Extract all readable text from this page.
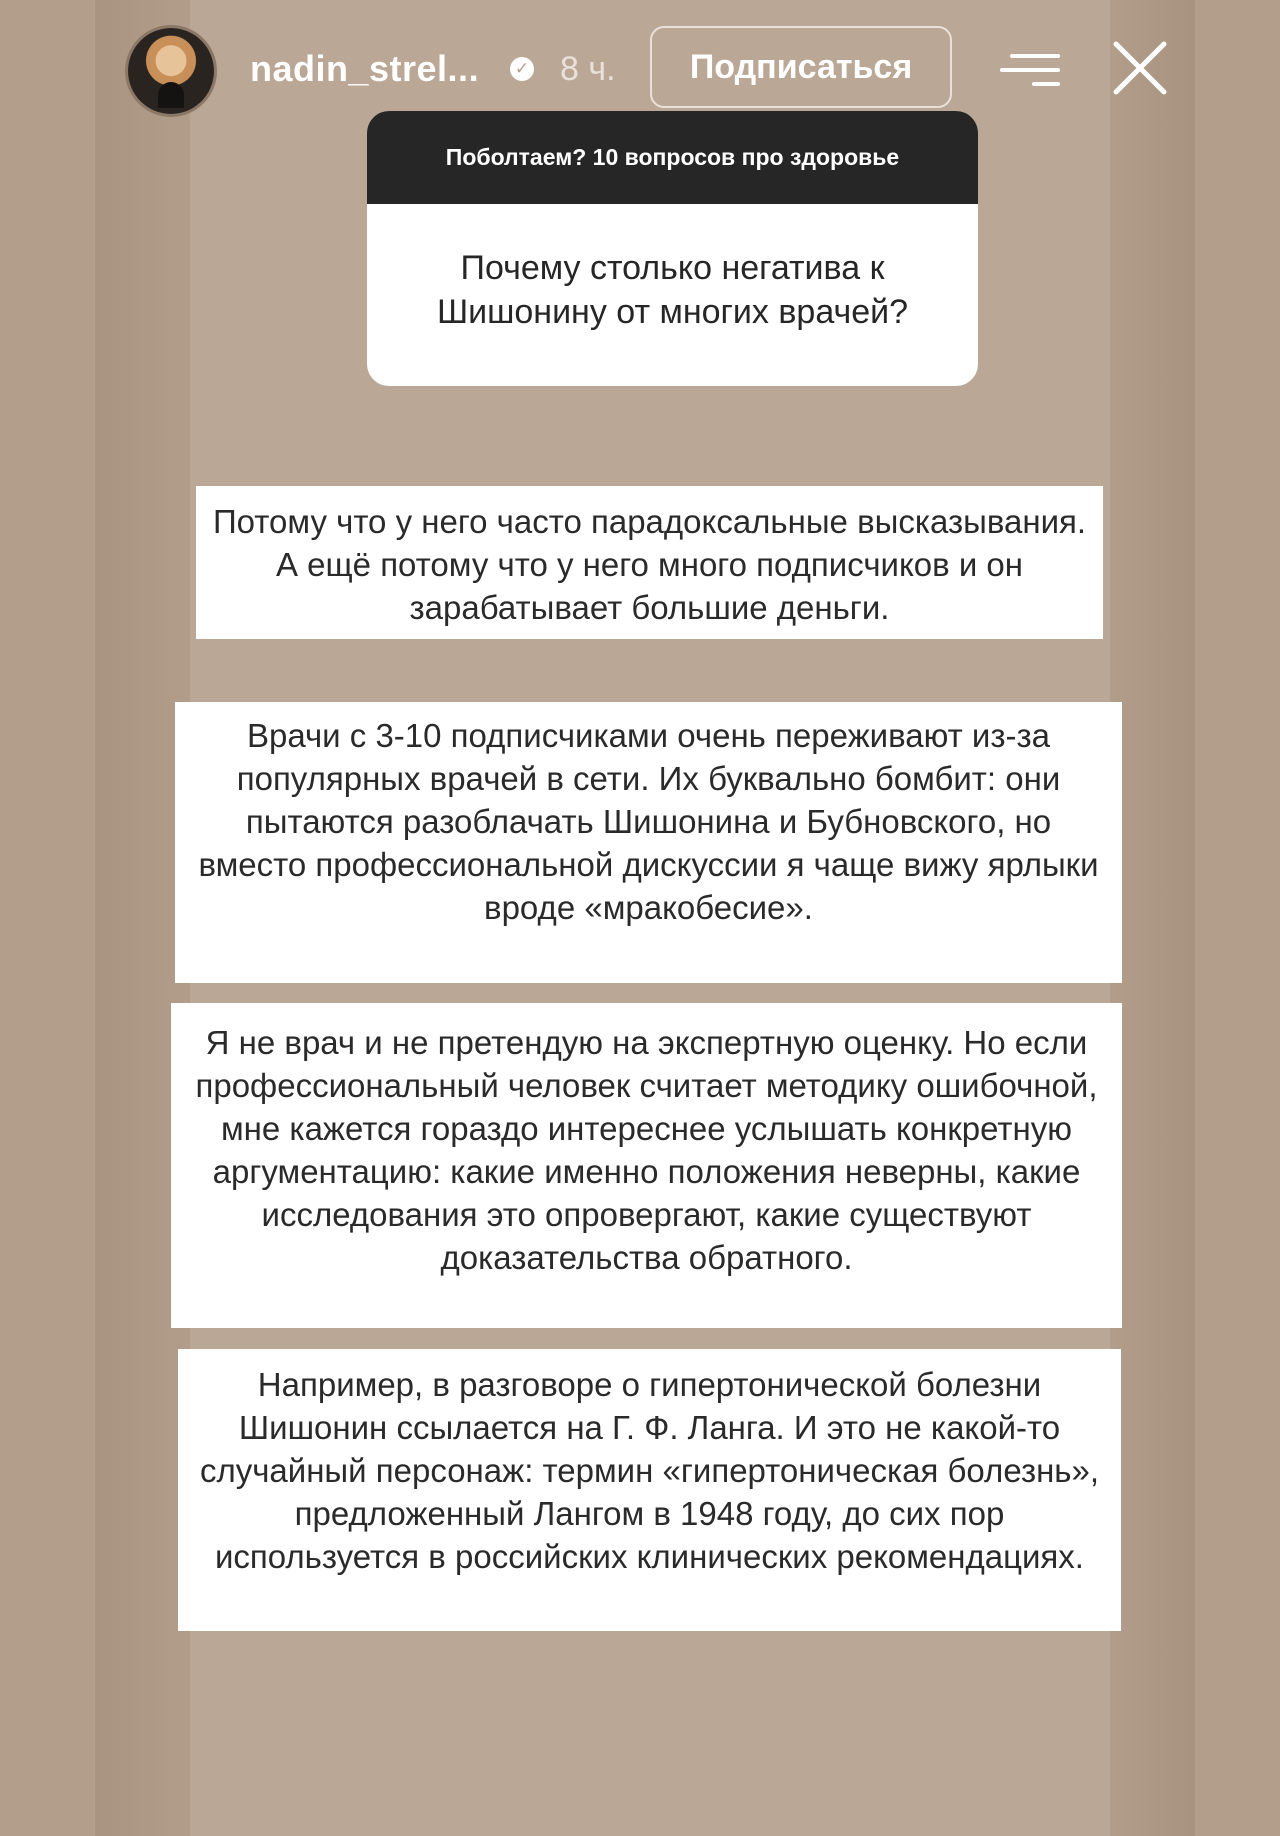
nadin_strel... ✓ 8 ч.	Подписаться
Поболтаем? 10 вопросов про здоровье
Почему столько негатива к Шишонину от многих врачей?
Потому что у него часто парадоксальные высказывания. А ещё потому что у него много подписчиков и он зарабатывает большие деньги.
Врачи с 3-10 подписчиками очень переживают из-за популярных врачей в сети. Их буквально бомбит: они пытаются разоблачать Шишонина и Бубновского, но вместо профессиональной дискуссии я чаще вижу ярлыки вроде «мракобесие».
Я не врач и не претендую на экспертную оценку. Но если профессиональный человек считает методику ошибочной, мне кажется гораздо интереснее услышать конкретную аргументацию: какие именно положения неверны, какие исследования это опровергают, какие существуют доказательства обратного.
Например, в разговоре о гипертонической болезни Шишонин ссылается на Г. Ф. Ланга. И это не какой-то случайный персонаж: термин «гипертоническая болезнь», предложенный Лангом в 1948 году, до сих пор используется в российских клинических рекомендациях.
